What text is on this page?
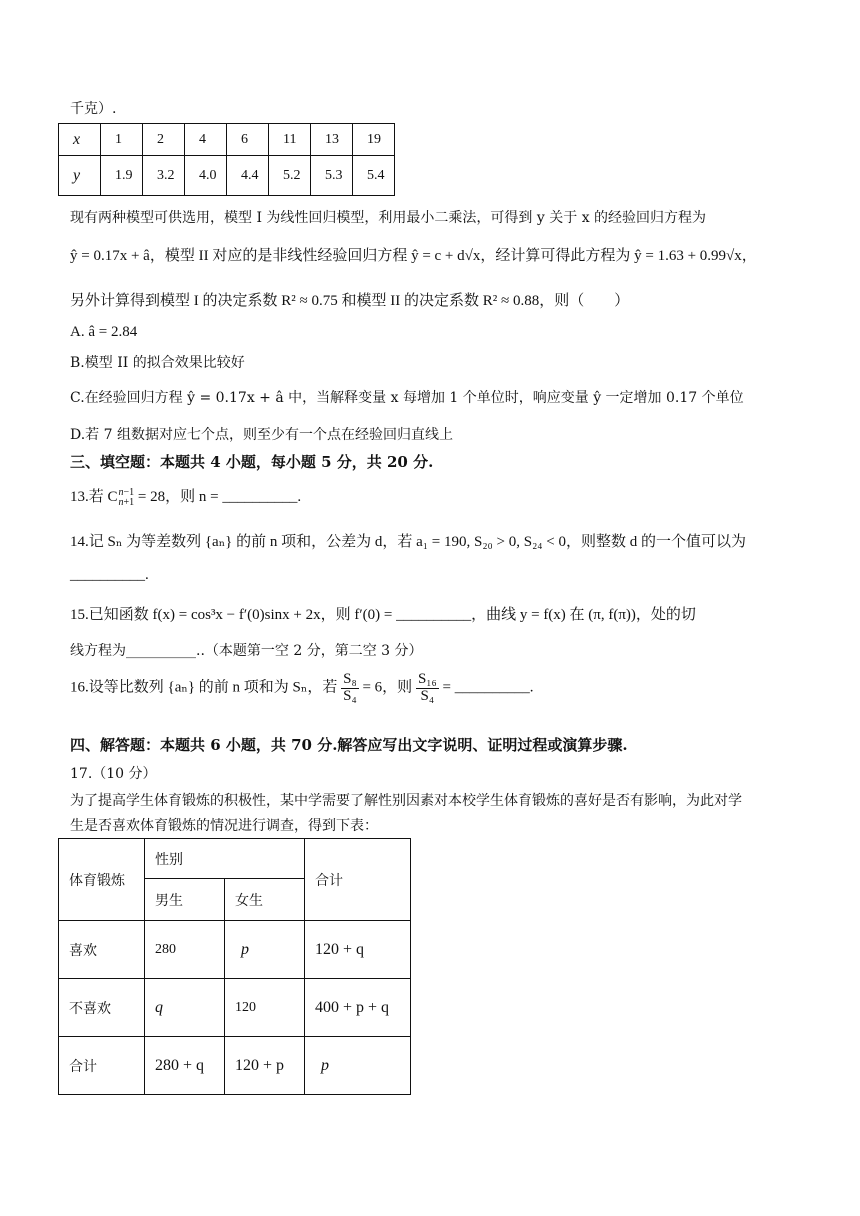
千克）.
x	1	2	4	6	11	13	19
y	1.9	3.2	4.0	4.4	5.2	5.3	5.4
现有两种模型可供选用，模型 I 为线性回归模型，利用最小二乘法，可得到 y 关于 x 的经验回归方程为
ŷ = 0.17x + â，模型 II 对应的是非线性经验回归方程 ŷ = c + d√x，经计算可得此方程为 ŷ = 1.63 + 0.99√x，
另外计算得到模型 I 的决定系数 R² ≈ 0.75 和模型 II 的决定系数 R² ≈ 0.88，则（　　）
A. â = 2.84
B.模型 II 的拟合效果比较好
C.在经验回归方程 ŷ = 0.17x + â 中，当解释变量 x 每增加 1 个单位时，响应变量 ŷ 一定增加 0.17 个单位
D.若 7 组数据对应七个点，则至少有一个点在经验回归直线上
三、填空题：本题共 4 小题，每小题 5 分，共 20 分.
13.若 Cn−1
n+1 = 28，则 n = __________.
14.记 Sₙ 为等差数列 {aₙ} 的前 n 项和，公差为 d，若 a₁ = 190, S₂₀ > 0, S₂₄ < 0，则整数 d 的一个值可以为
__________.
15.已知函数 f(x) = cos³x − f′(0)sinx + 2x，则 f′(0) = __________，曲线 y = f(x) 在 (π, f(π))，处的切
线方程为__________..（本题第一空 2 分，第二空 3 分）
16.设等比数列 {aₙ} 的前 n 项和为 Sₙ，若 $\frac{\text{S₈}}{\text{S₄}} = 6$，则 $\frac{\text{S₁₆}}{\text{S₄}}$ = __________.
四、解答题：本题共 6 小题，共 70 分.解答应写出文字说明、证明过程或演算步骤.
17.（10 分）
为了提高学生体育锻炼的积极性，某中学需要了解性别因素对本校学生体育锻炼的喜好是否有影响，为此对学
生是否喜欢体育锻炼的情况进行调查，得到下表：
体育锻炼	性别		合计
	男生	女生	
喜欢	280	p	120 + q
不喜欢	q	120	400 + p + q
合计	280 + q	120 + p	p
